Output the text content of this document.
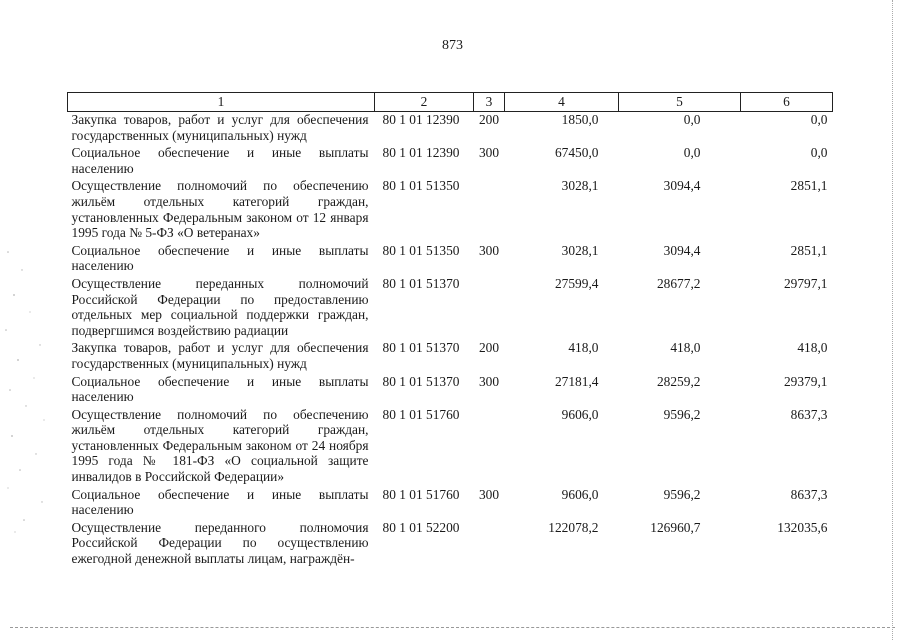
873
1	2	3	4	5	6
Закупка товаров, работ и услуг для обеспечения государственных (муниципальных) нужд	80 1 01 12390	200	1850,0	0,0	0,0
Социальное обеспечение и иные выплаты населению	80 1 01 12390	300	67450,0	0,0	0,0
Осуществление полномочий по обеспечению жильём отдельных категорий граждан, установленных Федеральным законом от 12 января 1995 года № 5-ФЗ «О ветеранах»	80 1 01 51350		3028,1	3094,4	2851,1
Социальное обеспечение и иные выплаты населению	80 1 01 51350	300	3028,1	3094,4	2851,1
Осуществление переданных полномочий Российской Федерации по предоставлению отдельных мер социальной поддержки граждан, подвергшимся воздействию радиации	80 1 01 51370		27599,4	28677,2	29797,1
Закупка товаров, работ и услуг для обеспечения государственных (муниципальных) нужд	80 1 01 51370	200	418,0	418,0	418,0
Социальное обеспечение и иные выплаты населению	80 1 01 51370	300	27181,4	28259,2	29379,1
Осуществление полномочий по обеспечению жильём отдельных категорий граждан, установленных Федеральным законом от 24 ноября 1995 года № 181-ФЗ «О социальной защите инвалидов в Российской Федерации»	80 1 01 51760		9606,0	9596,2	8637,3
Социальное обеспечение и иные выплаты населению	80 1 01 51760	300	9606,0	9596,2	8637,3
Осуществление переданного полномочия Российской Федерации по осуществлению ежегодной денежной выплаты лицам, награждён-	80 1 01 52200		122078,2	126960,7	132035,6
